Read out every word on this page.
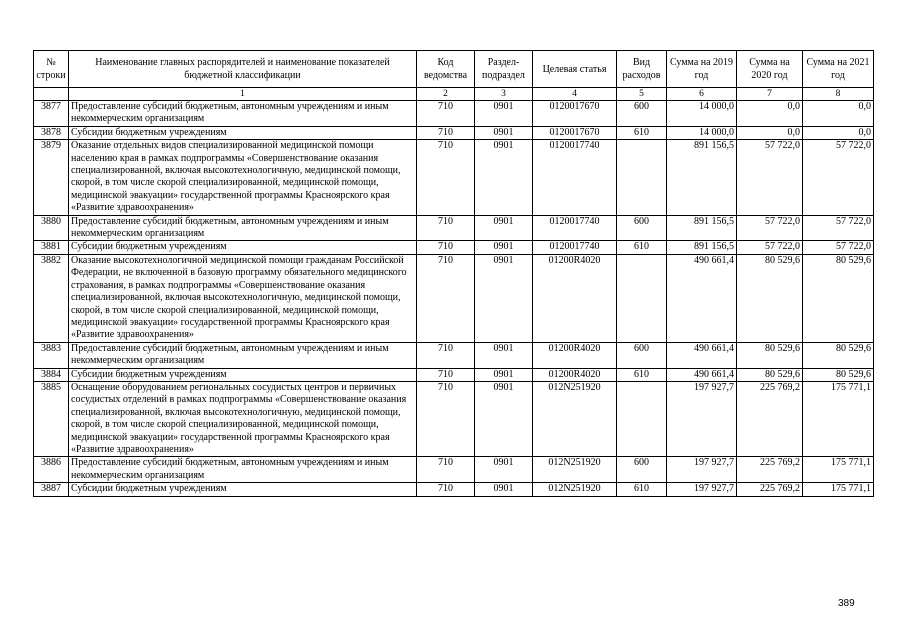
№ строки	Наименование главных распорядителей и наименование показателей бюджетной классификации	Код ведомства	Раздел- подраздел	Целевая статья	Вид расходов	Сумма на 2019 год	Сумма на 2020 год	Сумма на 2021 год
	1	2	3	4	5	6	7	8
3877	Предоставление субсидий бюджетным, автономным учреждениям и иным некоммерческим организациям	710	0901	0120017670	600	14 000,0	0,0	0,0
3878	Субсидии бюджетным учреждениям	710	0901	0120017670	610	14 000,0	0,0	0,0
3879	Оказание отдельных видов специализированной медицинской помощи населению края в рамках подпрограммы «Совершенствование оказания специализированной, включая высокотехнологичную, медицинской помощи, скорой, в том числе скорой специализированной, медицинской помощи, медицинской эвакуации» государственной программы Красноярского края «Развитие здравоохранения»	710	0901	0120017740		891 156,5	57 722,0	57 722,0
3880	Предоставление субсидий бюджетным, автономным учреждениям и иным некоммерческим организациям	710	0901	0120017740	600	891 156,5	57 722,0	57 722,0
3881	Субсидии бюджетным учреждениям	710	0901	0120017740	610	891 156,5	57 722,0	57 722,0
3882	Оказание высокотехнологичной медицинской помощи гражданам Российской Федерации, не включенной в базовую программу обязательного медицинского страхования, в рамках подпрограммы «Совершенствование оказания специализированной, включая высокотехнологичную, медицинской помощи, скорой, в том числе скорой специализированной, медицинской помощи, медицинской эвакуации» государственной программы Красноярского края «Развитие здравоохранения»	710	0901	01200R4020		490 661,4	80 529,6	80 529,6
3883	Предоставление субсидий бюджетным, автономным учреждениям и иным некоммерческим организациям	710	0901	01200R4020	600	490 661,4	80 529,6	80 529,6
3884	Субсидии бюджетным учреждениям	710	0901	01200R4020	610	490 661,4	80 529,6	80 529,6
3885	Оснащение оборудованием региональных сосудистых центров и первичных сосудистых отделений в рамках подпрограммы «Совершенствование оказания специализированной, включая высокотехнологичную, медицинской помощи, скорой, в том числе скорой специализированной, медицинской помощи, медицинской эвакуации» государственной программы Красноярского края «Развитие здравоохранения»	710	0901	012N251920		197 927,7	225 769,2	175 771,1
3886	Предоставление субсидий бюджетным, автономным учреждениям и иным некоммерческим организациям	710	0901	012N251920	600	197 927,7	225 769,2	175 771,1
3887	Субсидии бюджетным учреждениям	710	0901	012N251920	610	197 927,7	225 769,2	175 771,1
389
